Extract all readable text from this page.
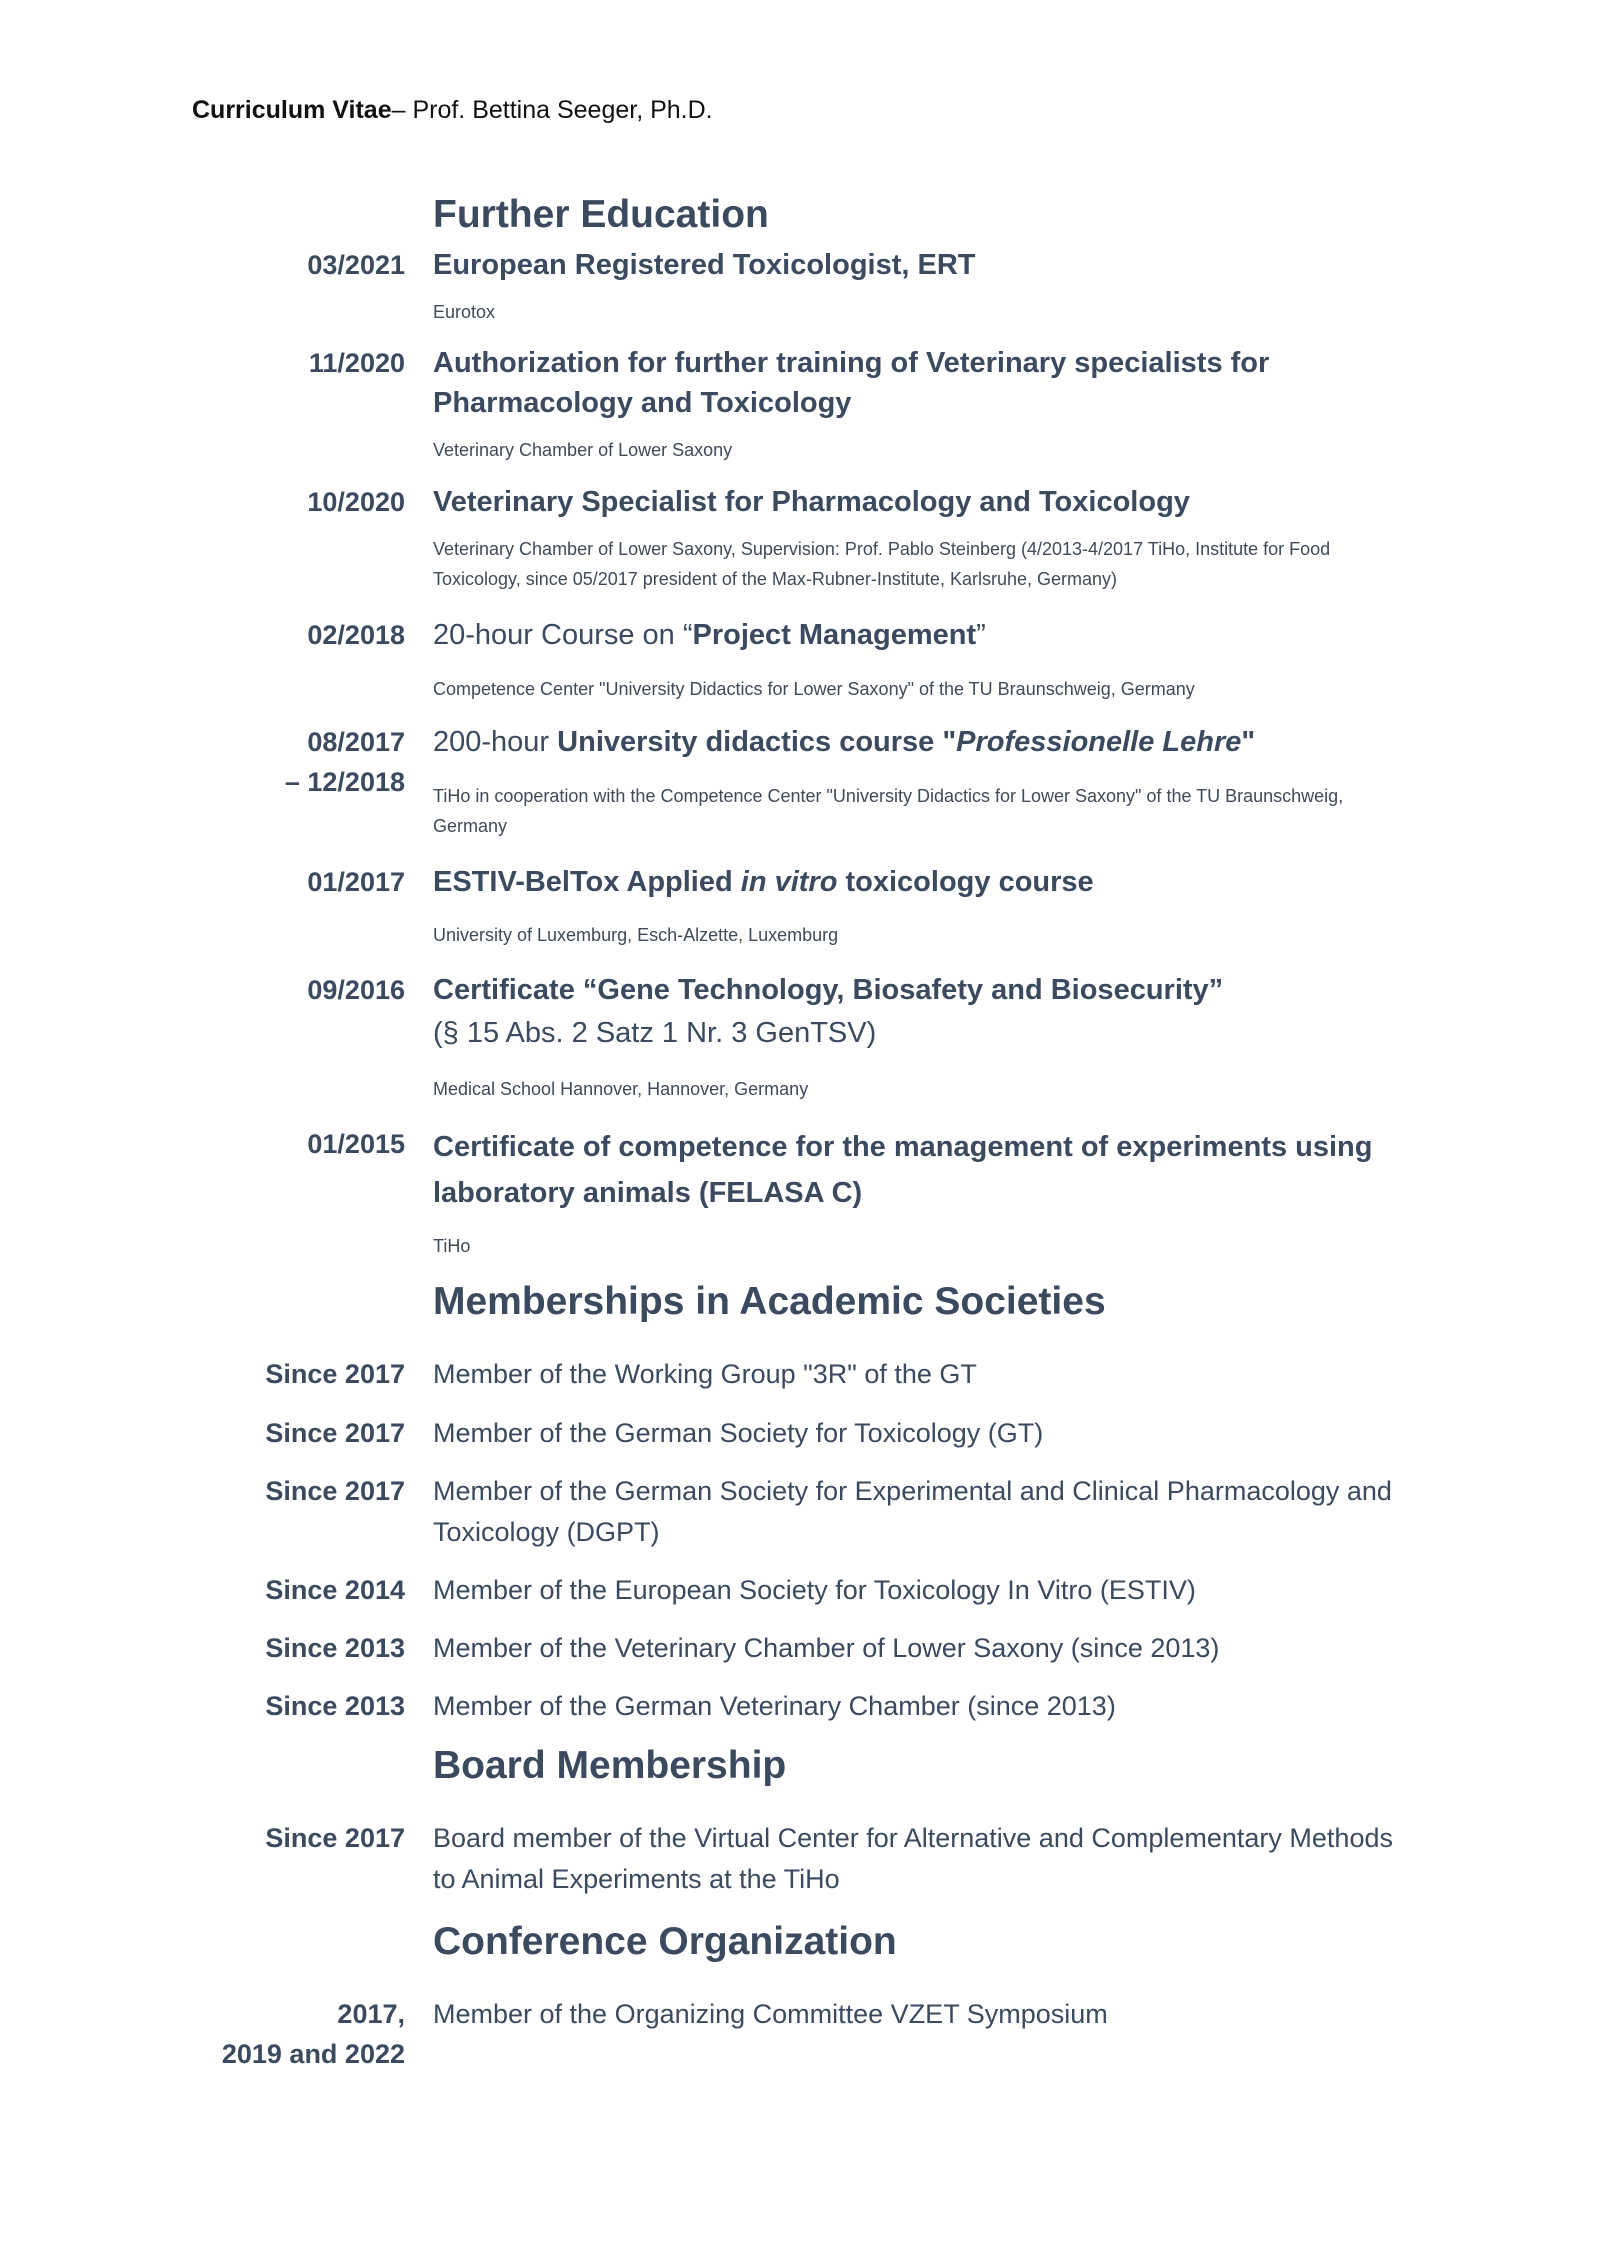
Curriculum Vitae– Prof. Bettina Seeger, Ph.D.
Further Education
03/2021 European Registered Toxicologist, ERT
Eurotox
11/2020 Authorization for further training of Veterinary specialists for Pharmacology and Toxicology
Veterinary Chamber of Lower Saxony
10/2020 Veterinary Specialist for Pharmacology and Toxicology
Veterinary Chamber of Lower Saxony, Supervision: Prof. Pablo Steinberg (4/2013-4/2017 TiHo, Institute for Food Toxicology, since 05/2017 president of the Max-Rubner-Institute, Karlsruhe, Germany)
02/2018 20-hour Course on “Project Management”
Competence Center "University Didactics for Lower Saxony" of the TU Braunschweig, Germany
08/2017
– 12/2018
200-hour University didactics course "Professionelle Lehre"
TiHo in cooperation with the Competence Center "University Didactics for Lower Saxony" of the TU Braunschweig, Germany
01/2017 ESTIV-BelTox Applied in vitro toxicology course
University of Luxemburg, Esch-Alzette, Luxemburg
09/2016 Certificate “Gene Technology, Biosafety and Biosecurity”
(§ 15 Abs. 2 Satz 1 Nr. 3 GenTSV)
Medical School Hannover, Hannover, Germany
01/2015 Certificate of competence for the management of experiments using laboratory animals (FELASA C)
TiHo
Memberships in Academic Societies
Since 2017 Member of the Working Group "3R" of the GT
Since 2017 Member of the German Society for Toxicology (GT)
Since 2017 Member of the German Society for Experimental and Clinical Pharmacology and Toxicology (DGPT)
Since 2014 Member of the European Society for Toxicology In Vitro (ESTIV)
Since 2013 Member of the Veterinary Chamber of Lower Saxony (since 2013)
Since 2013 Member of the German Veterinary Chamber (since 2013)
Board Membership
Since 2017 Board member of the Virtual Center for Alternative and Complementary Methods to Animal Experiments at the TiHo
Conference Organization
2017,
2019 and 2022
Member of the Organizing Committee VZET Symposium
